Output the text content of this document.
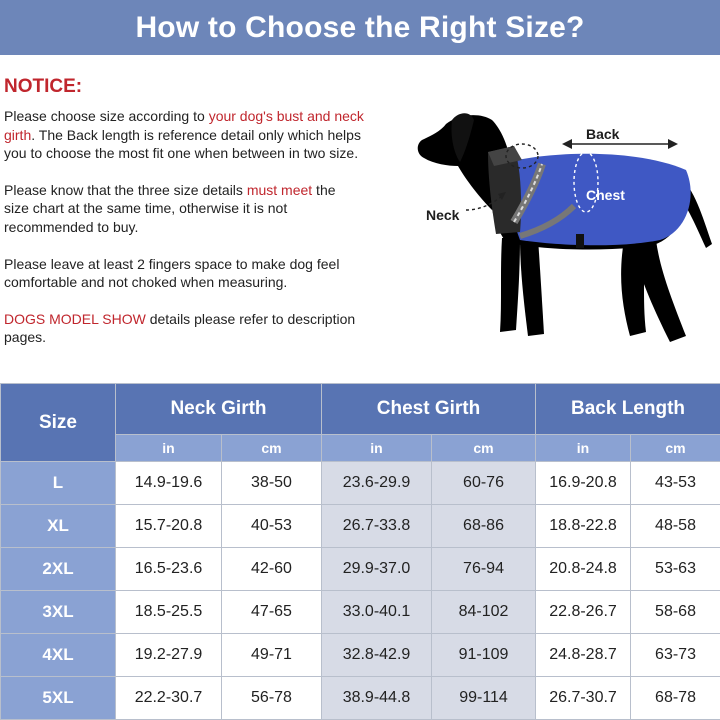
How to Choose the Right Size?
NOTICE:

Please choose size according to your dog's bust and neck girth. The Back length is reference detail only which helps you to choose the most fit one when between in two size.

Please know that the three size details must meet the size chart at the same time, otherwise it is not recommended to buy.

Please leave at least 2 fingers space to make dog feel comfortable and not choked when measuring.

DOGS MODEL SHOW details please refer to description pages.

Back
Chest
Neck
Size	Neck Girth		Chest Girth		Back Length	
	in	cm	in	cm	in	cm
L	14.9-19.6	38-50	23.6-29.9	60-76	16.9-20.8	43-53
XL	15.7-20.8	40-53	26.7-33.8	68-86	18.8-22.8	48-58
2XL	16.5-23.6	42-60	29.9-37.0	76-94	20.8-24.8	53-63
3XL	18.5-25.5	47-65	33.0-40.1	84-102	22.8-26.7	58-68
4XL	19.2-27.9	49-71	32.8-42.9	91-109	24.8-28.7	63-73
5XL	22.2-30.7	56-78	38.9-44.8	99-114	26.7-30.7	68-78
